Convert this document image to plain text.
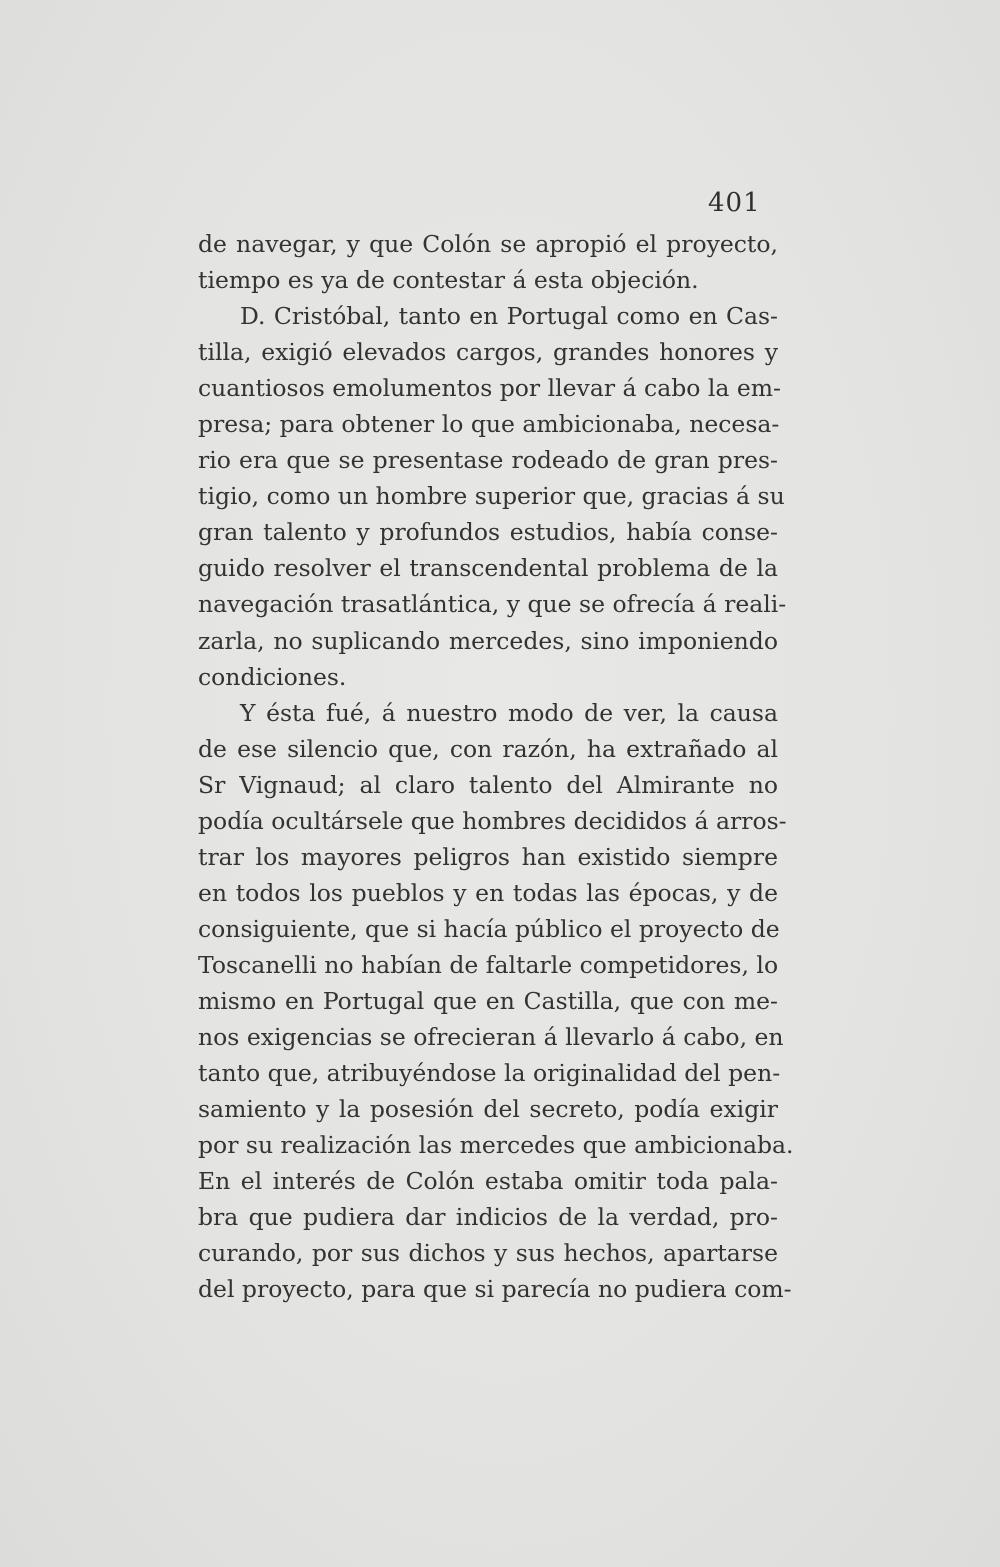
401
de navegar, y que Colón se apropió el proyecto,
tiempo es ya de contestar á esta objeción.
D. Cristóbal, tanto en Portugal como en Cas-
tilla, exigió elevados cargos, grandes honores y
cuantiosos emolumentos por llevar á cabo la em-
presa; para obtener lo que ambicionaba, necesa-
rio era que se presentase rodeado de gran pres-
tigio, como un hombre superior que, gracias á su
gran talento y profundos estudios, había conse-
guido resolver el transcendental problema de la
navegación trasatlántica, y que se ofrecía á reali-
zarla, no suplicando mercedes, sino imponiendo
condiciones.
Y ésta fué, á nuestro modo de ver, la causa
de ese silencio que, con razón, ha extrañado al
Sr Vignaud; al claro talento del Almirante no
podía ocultársele que hombres decididos á arros-
trar los mayores peligros han existido siempre
en todos los pueblos y en todas las épocas, y de
consiguiente, que si hacía público el proyecto de
Toscanelli no habían de faltarle competidores, lo
mismo en Portugal que en Castilla, que con me-
nos exigencias se ofrecieran á llevarlo á cabo, en
tanto que, atribuyéndose la originalidad del pen-
samiento y la posesión del secreto, podía exigir
por su realización las mercedes que ambicionaba.
En el interés de Colón estaba omitir toda pala-
bra que pudiera dar indicios de la verdad, pro-
curando, por sus dichos y sus hechos, apartarse
del proyecto, para que si parecía no pudiera com-
